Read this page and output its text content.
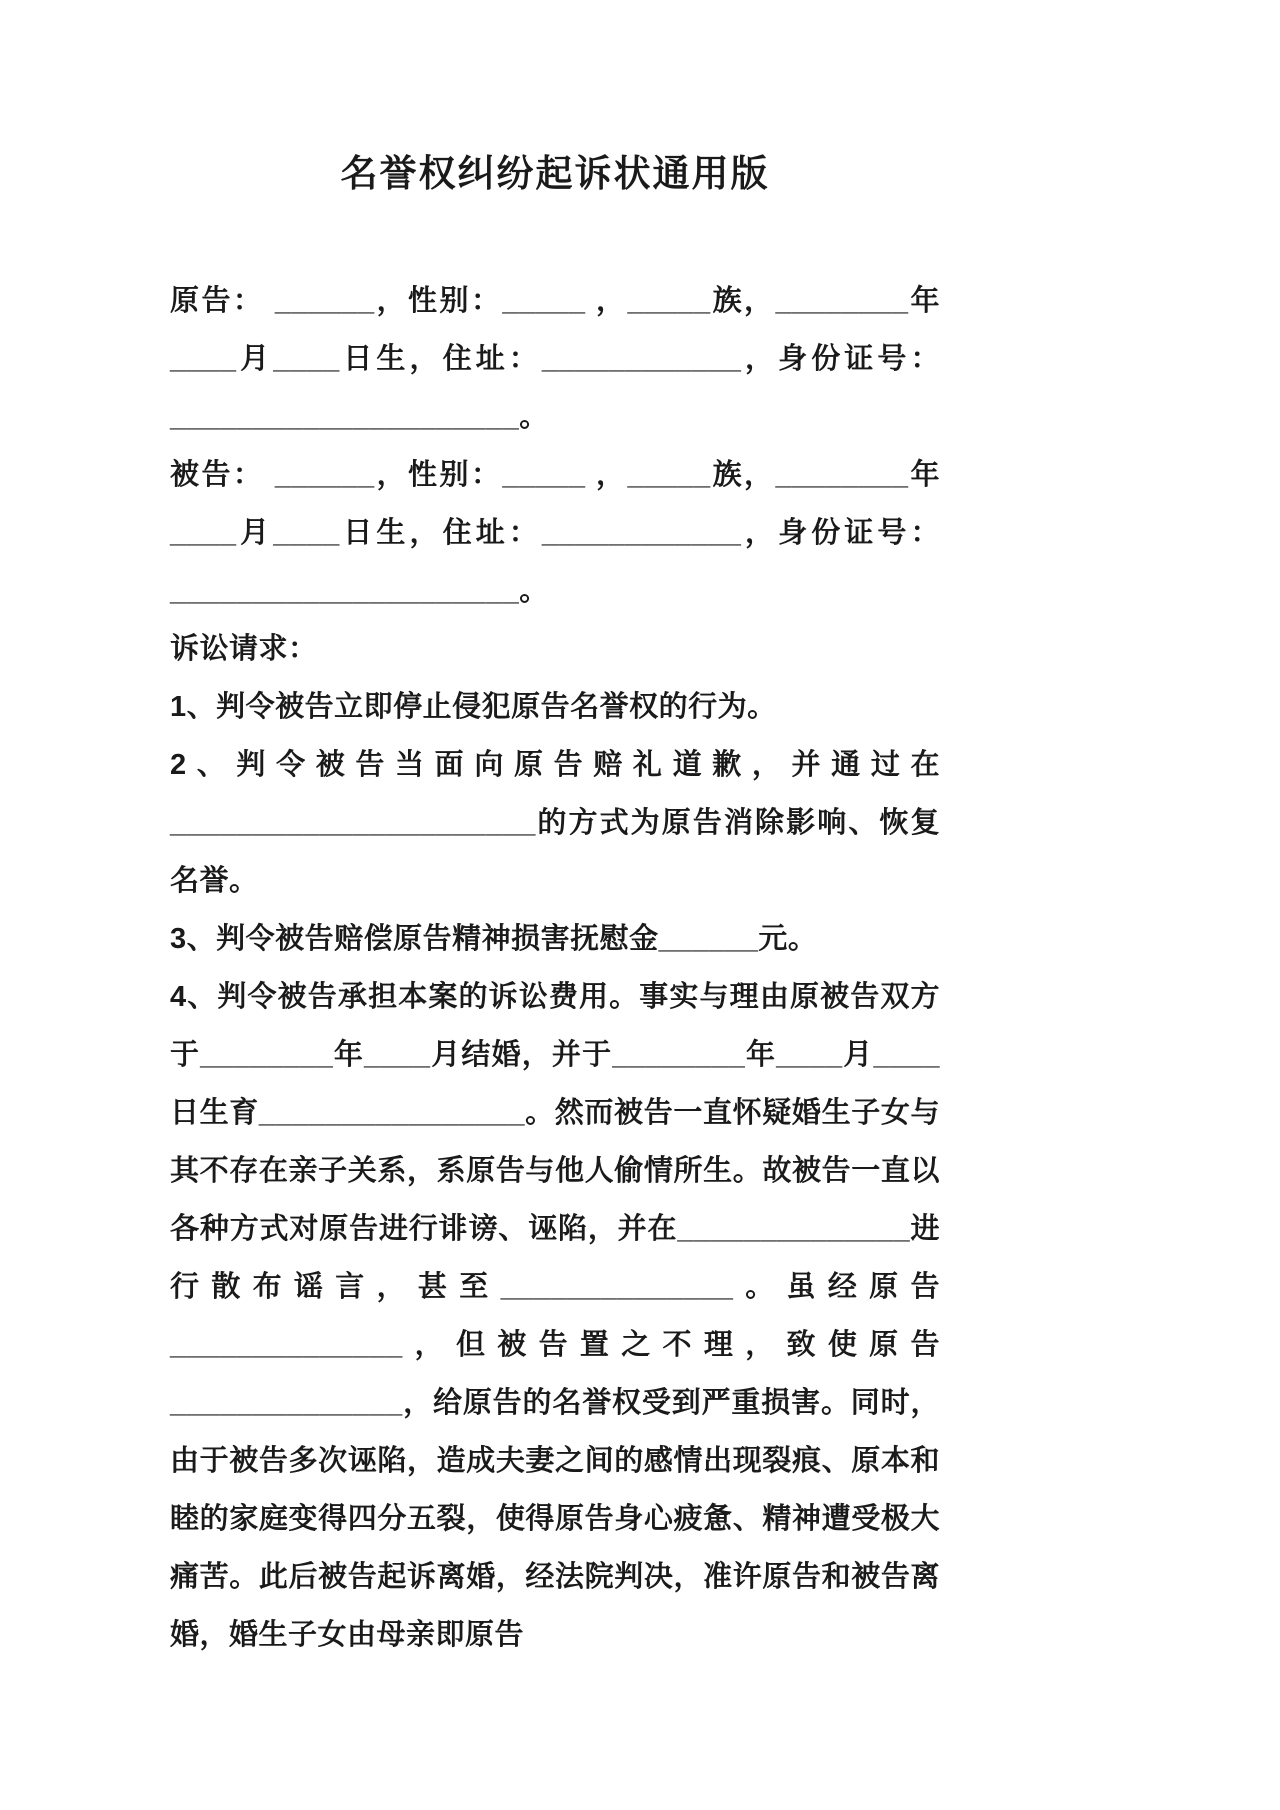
名誉权纠纷起诉状通用版

原告： ______，性别：_____ ，_____族，________年____月____日生，住址：____________，身份证号：_____________________。

被告： ______，性别：_____ ，_____族，________年____月____日生，住址：____________，身份证号：_____________________。

诉讼请求：

1、判令被告立即停止侵犯原告名誉权的行为。

2、判令被告当面向原告赔礼道歉，并通过在______________________的方式为原告消除影响、恢复名誉。

3、判令被告赔偿原告精神损害抚慰金______元。

4、判令被告承担本案的诉讼费用。事实与理由原被告双方于________年____月结婚，并于________年____月____日生育________________。然而被告一直怀疑婚生子女与其不存在亲子关系，系原告与他人偷情所生。故被告一直以各种方式对原告进行诽谤、诬陷，并在______________进行散布谣言，甚至______________。虽经原告______________，但被告置之不理，致使原告______________，给原告的名誉权受到严重损害。同时，由于被告多次诬陷，造成夫妻之间的感情出现裂痕、原本和睦的家庭变得四分五裂，使得原告身心疲惫、精神遭受极大痛苦。此后被告起诉离婚，经法院判决，准许原告和被告离婚，婚生子女由母亲即原告
